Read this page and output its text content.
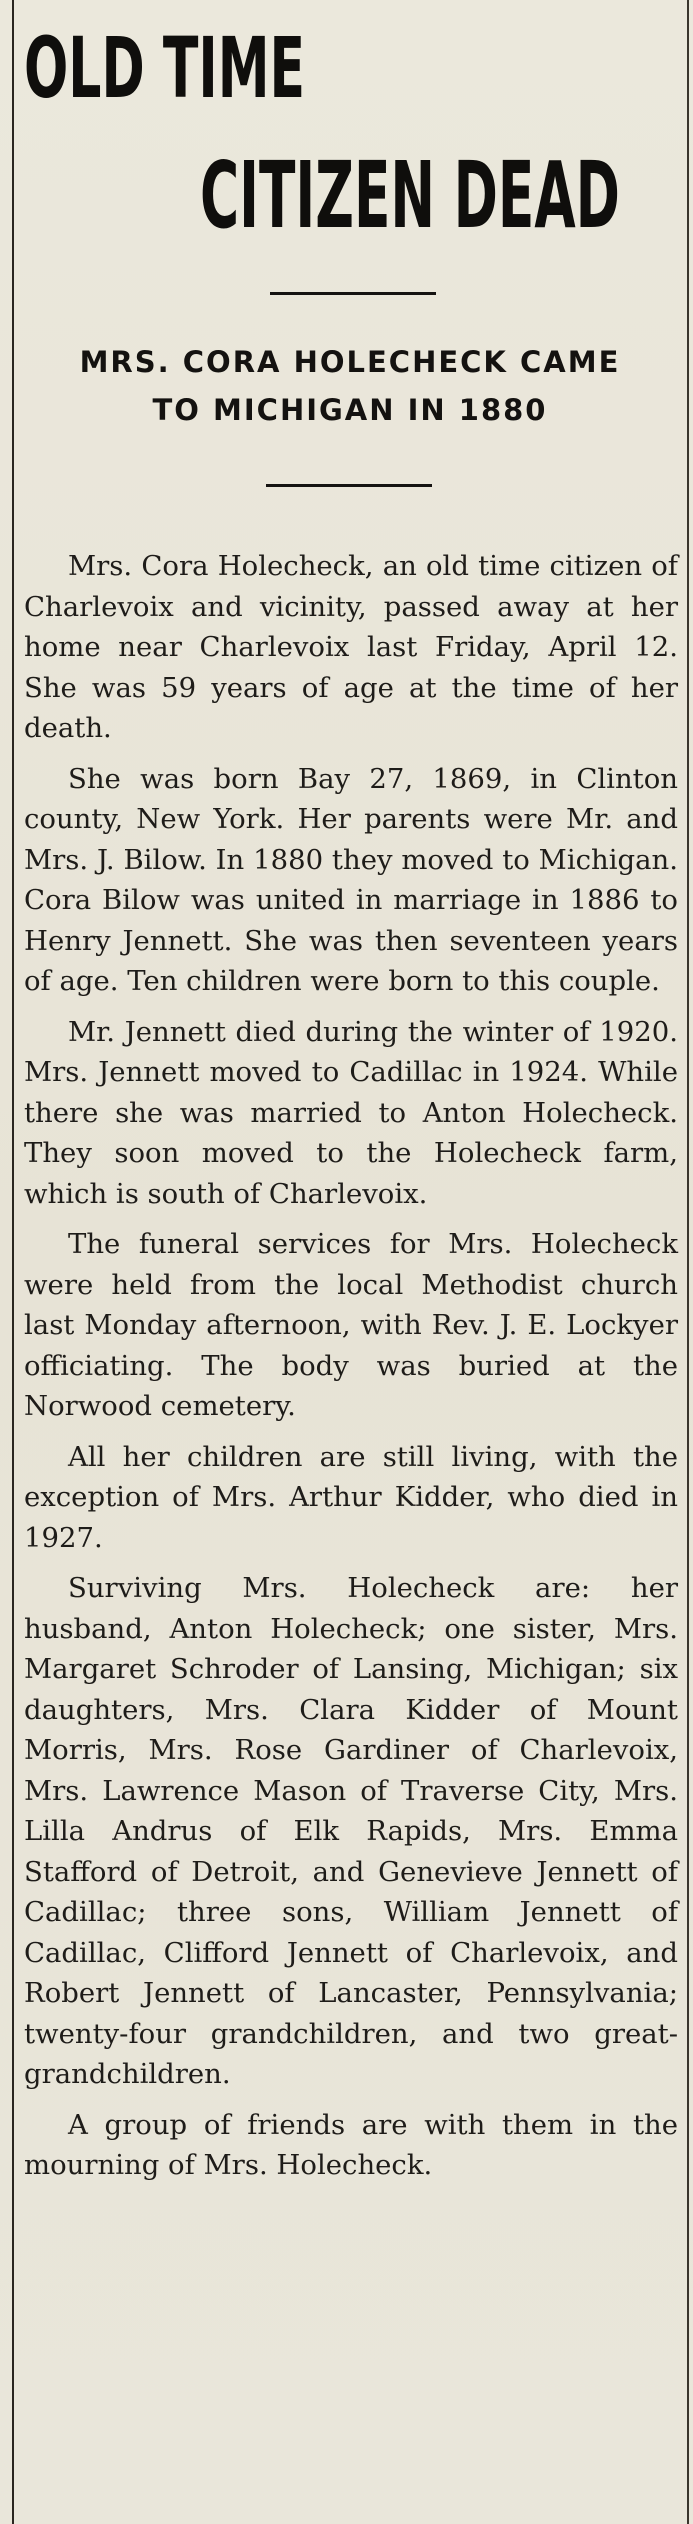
OLD TIME
CITIZEN DEAD
MRS. CORA HOLECHECK CAME
TO MICHIGAN IN 1880

Mrs. Cora Holecheck, an old time citizen of Charlevoix and vicinity, passed away at her home near Charlevoix last Friday, April 12. She was 59 years of age at the time of her death.

She was born Bay 27, 1869, in Clinton county, New York. Her parents were Mr. and Mrs. J. Bilow. In 1880 they moved to Michigan. Cora Bilow was united in marriage in 1886 to Henry Jennett. She was then seventeen years of age. Ten children were born to this couple.

Mr. Jennett died during the winter of 1920. Mrs. Jennett moved to Cadillac in 1924. While there she was married to Anton Holecheck. They soon moved to the Holecheck farm, which is south of Charlevoix.

The funeral services for Mrs. Holecheck were held from the local Methodist church last Monday afternoon, with Rev. J. E. Lockyer officiating. The body was buried at the Norwood cemetery.

All her children are still living, with the exception of Mrs. Arthur Kidder, who died in 1927.

Surviving Mrs. Holecheck are: her husband, Anton Holecheck; one sister, Mrs. Margaret Schroder of Lansing, Michigan; six daughters, Mrs. Clara Kidder of Mount Morris, Mrs. Rose Gardiner of Charlevoix, Mrs. Lawrence Mason of Traverse City, Mrs. Lilla Andrus of Elk Rapids, Mrs. Emma Stafford of Detroit, and Genevieve Jennett of Cadillac; three sons, William Jennett of Cadillac, Clifford Jennett of Charlevoix, and Robert Jennett of Lancaster, Pennsylvania; twenty-four grandchildren, and two great-grandchildren.

A group of friends are with them in the mourning of Mrs. Holecheck.
